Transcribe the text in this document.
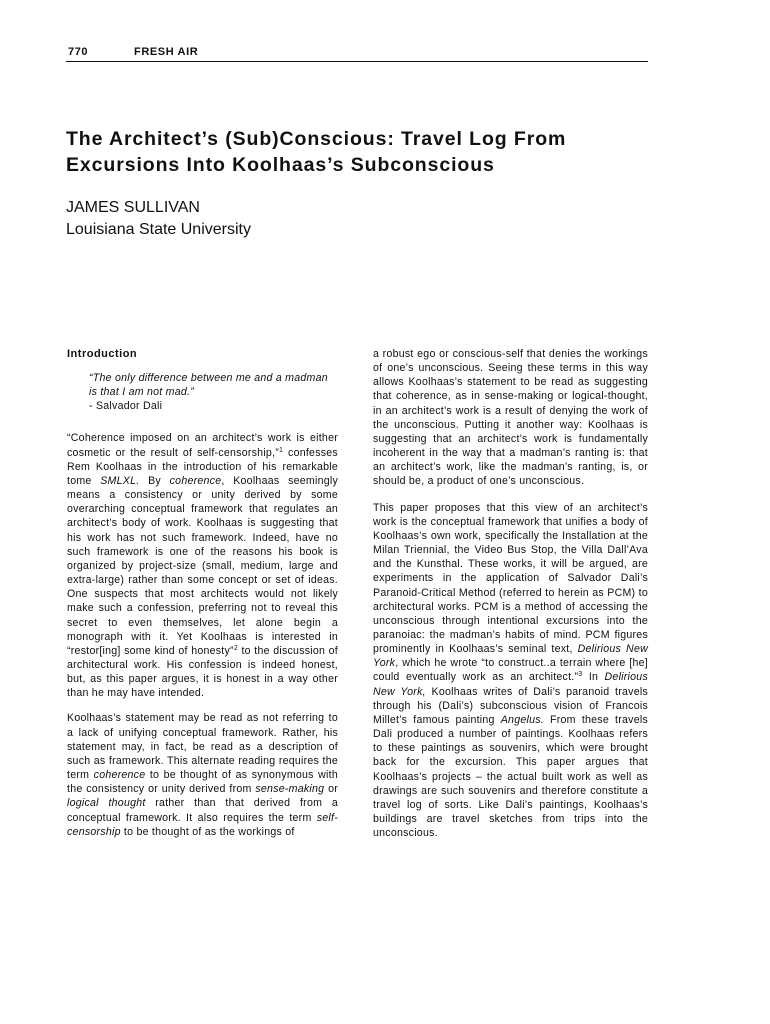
770	FRESH AIR
The Architect’s (Sub)Conscious: Travel Log From
Excursions Into Koolhaas’s Subconscious
JAMES SULLIVAN
Louisiana State University
Introduction
“The only difference between me and a madman is that I am not mad.”
- Salvador Dali

“Coherence imposed on an architect’s work is either cosmetic or the result of self-censorship,”$^1$ confesses Rem Koolhaas in the introduction of his remarkable tome SMLXL. By coherence, Koolhaas seemingly means a consistency or unity derived by some overarching conceptual framework that regulates an architect’s body of work. Koolhaas is suggesting that his work has not such framework. Indeed, have no such framework is one of the reasons his book is organized by project-size (small, medium, large and extra-large) rather than some concept or set of ideas. One suspects that most architects would not likely make such a confession, preferring not to reveal this secret to even themselves, let alone begin a monograph with it. Yet Koolhaas is interested in “restor[ing] some kind of honesty”$^2$ to the discussion of architectural work. His confession is indeed honest, but, as this paper argues, it is honest in a way other than he may have intended.

Koolhaas’s statement may be read as not referring to a lack of unifying conceptual framework. Rather, his statement may, in fact, be read as a description of such as framework. This alternate reading requires the term coherence to be thought of as synonymous with the consistency or unity derived from sense-making or logical thought rather than that derived from a conceptual framework. It also requires the term self-censorship to be thought of as the workings of

a robust ego or conscious-self that denies the workings of one’s unconscious. Seeing these terms in this way allows Koolhaas’s statement to be read as suggesting that coherence, as in sense-making or logical-thought, in an architect’s work is a result of denying the work of the unconscious. Putting it another way: Koolhaas is suggesting that an architect’s work is fundamentally incoherent in the way that a madman’s ranting is: that an architect’s work, like the madman’s ranting, is, or should be, a product of one’s unconscious.

This paper proposes that this view of an architect’s work is the conceptual framework that unifies a body of Koolhaas’s own work, specifically the Installation at the Milan Triennial, the Video Bus Stop, the Villa Dall’Ava and the Kunsthal. These works, it will be argued, are experiments in the application of Salvador Dali’s Paranoid-Critical Method (referred to herein as PCM) to architectural works. PCM is a method of accessing the unconscious through intentional excursions into the paranoiac: the madman’s habits of mind. PCM figures prominently in Koolhaas’s seminal text, Delirious New York, which he wrote “to construct..a terrain where [he] could eventually work as an architect.”$^3$ In Delirious New York, Koolhaas writes of Dali’s paranoid travels through his (Dali’s) subconscious vision of Francois Millet’s famous painting Angelus. From these travels Dali produced a number of paintings. Koolhaas refers to these paintings as souvenirs, which were brought back for the excursion. This paper argues that Koolhaas’s projects – the actual built work as well as drawings are such souvenirs and therefore constitute a travel log of sorts. Like Dali’s paintings, Koolhaas’s buildings are travel sketches from trips into the unconscious.
